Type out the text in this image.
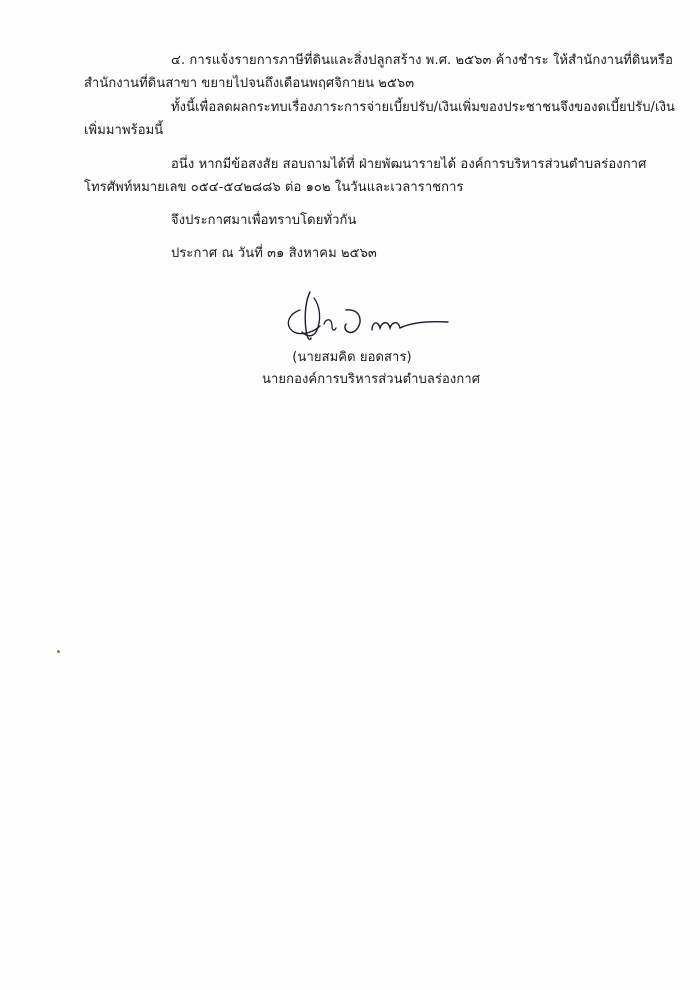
๔. การแจ้งรายการภาษีที่ดินและสิ่งปลูกสร้าง พ.ศ. ๒๕๖๓ ค้างชำระ ให้สำนักงานที่ดินหรือ
สำนักงานที่ดินสาขา ขยายไปจนถึงเดือนพฤศจิกายน ๒๕๖๓
ทั้งนี้เพื่อลดผลกระทบเรื่องภาระการจ่ายเบี้ยปรับ/เงินเพิ่มของประชาชนจึงของดเบี้ยปรับ/เงิน
เพิ่มมาพร้อมนี้
อนึ่ง หากมีข้อสงสัย สอบถามได้ที่ ฝ่ายพัฒนารายได้ องค์การบริหารส่วนตำบลร่องกาศ
โทรศัพท์หมายเลข ๐๕๔-๕๔๒๘๘๖ ต่อ ๑๐๒ ในวันและเวลาราชการ
จึงประกาศมาเพื่อทราบโดยทั่วกัน
ประกาศ ณ วันที่ ๓๑ สิงหาคม ๒๕๖๓
(นายสมคิด ยอดสาร)
นายกองค์การบริหารส่วนตำบลร่องกาศ
